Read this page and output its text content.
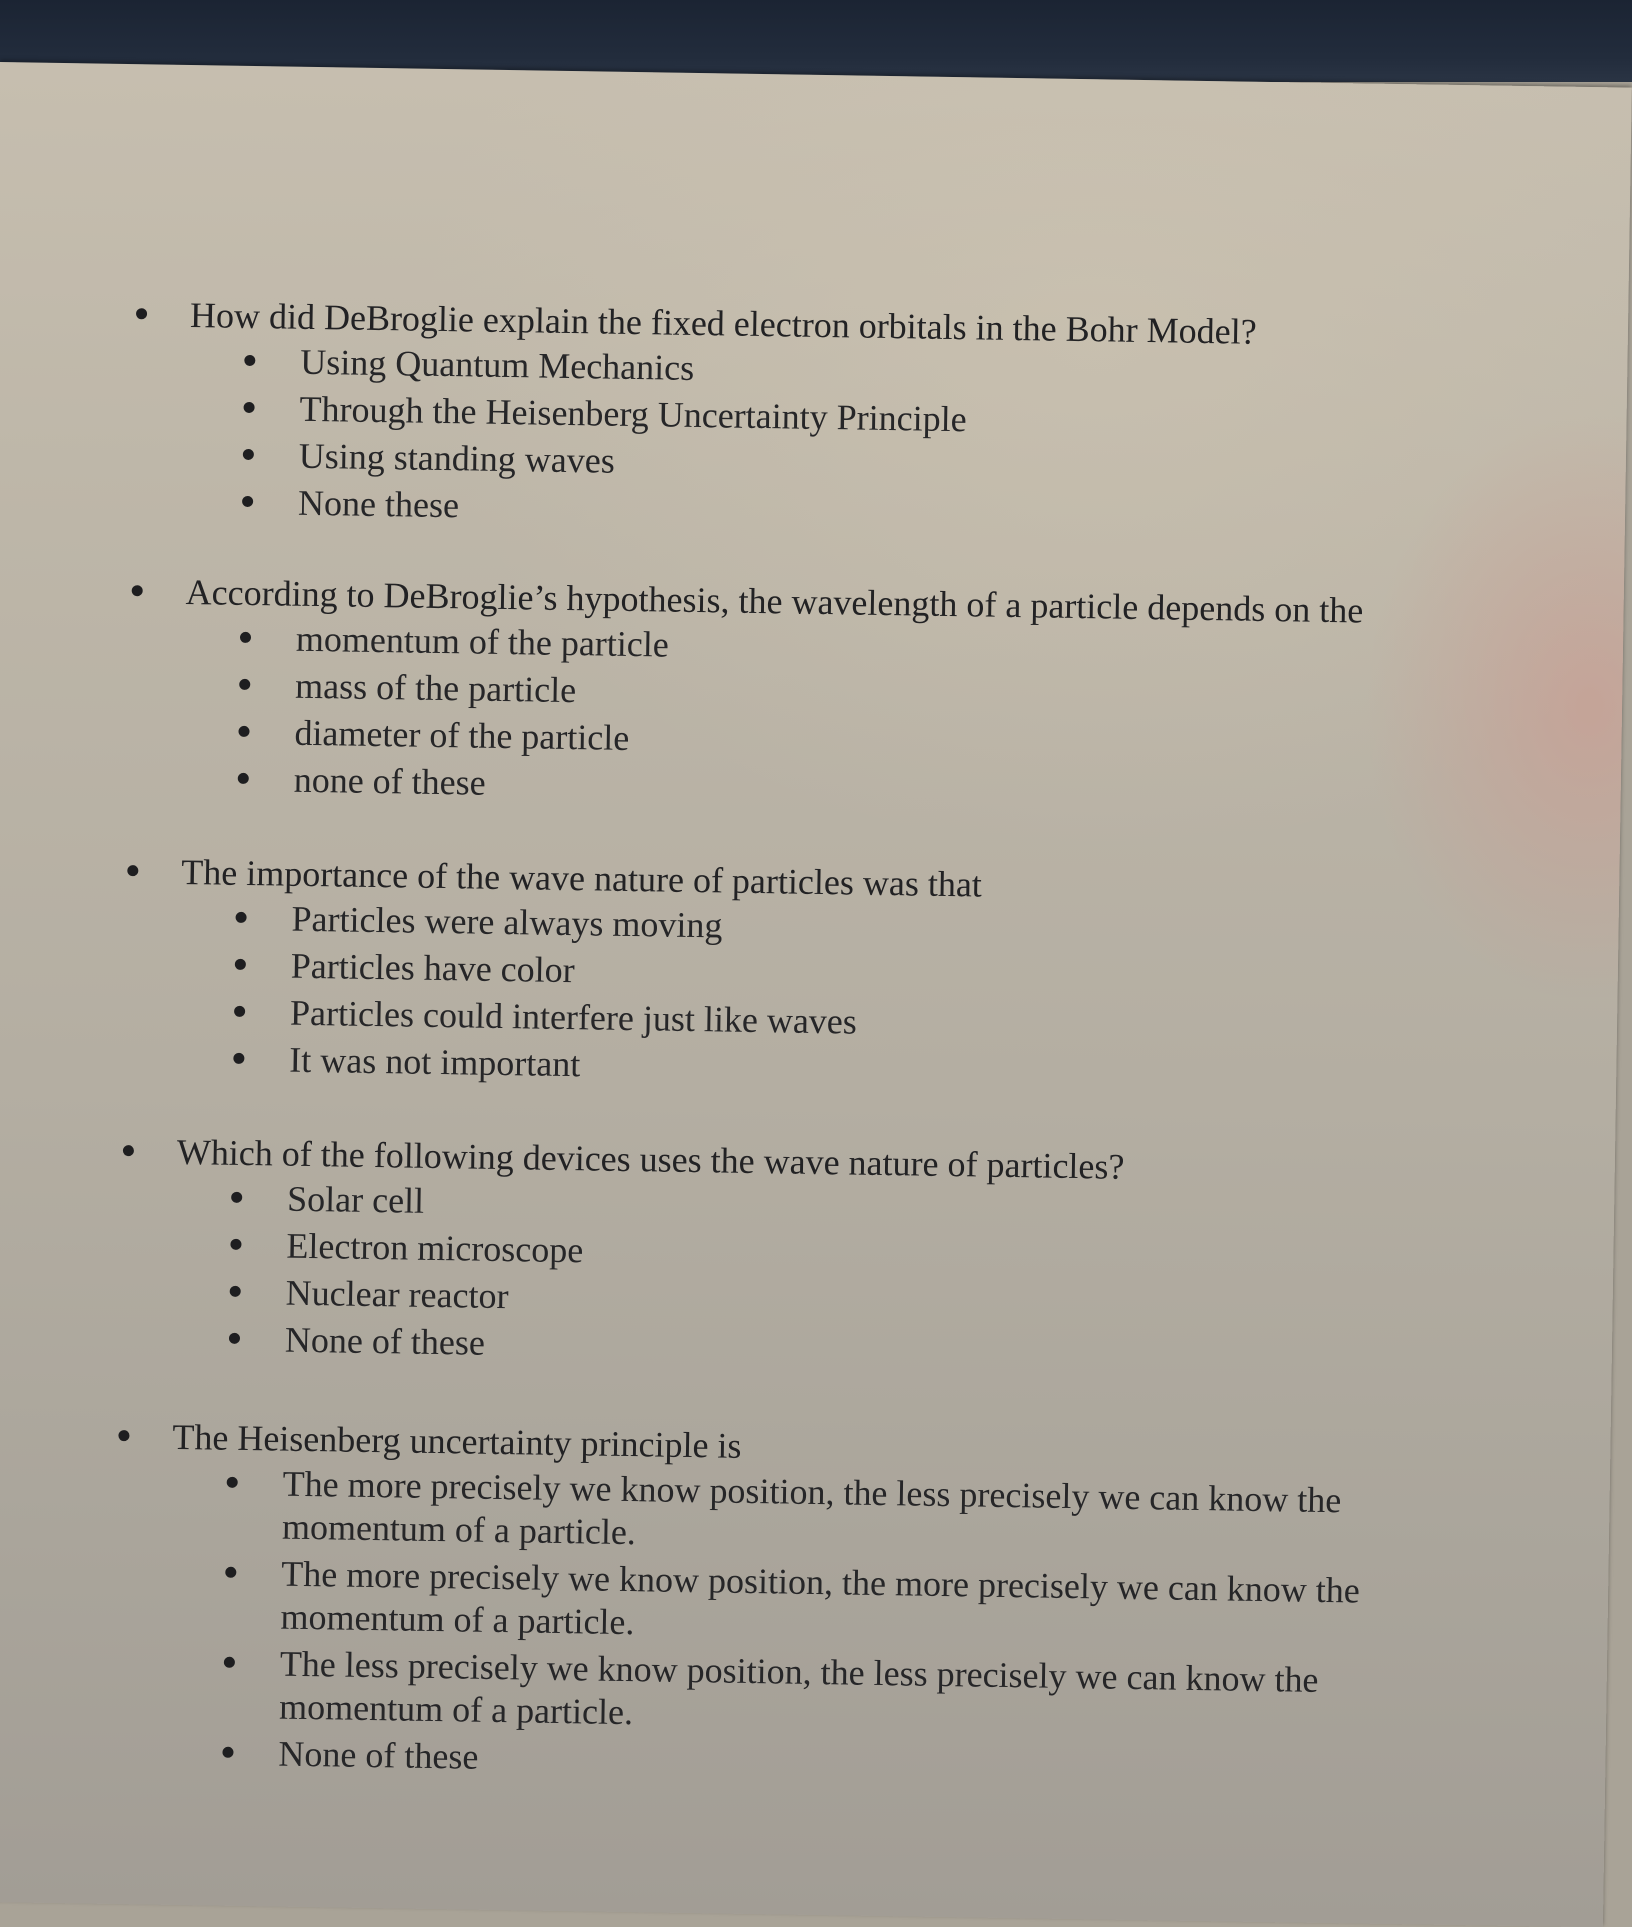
How did DeBroglie explain the fixed electron orbitals in the Bohr Model?
Using Quantum Mechanics
Through the Heisenberg Uncertainty Principle
Using standing waves
None these
According to DeBroglie’s hypothesis, the wavelength of a particle depends on the
momentum of the particle
mass of the particle
diameter of the particle
none of these
The importance of the wave nature of particles was that
Particles were always moving
Particles have color
Particles could interfere just like waves
It was not important
Which of the following devices uses the wave nature of particles?
Solar cell
Electron microscope
Nuclear reactor
None of these
The Heisenberg uncertainty principle is
The more precisely we know position, the less precisely we can know the momentum of a particle.
The more precisely we know position, the more precisely we can know the momentum of a particle.
The less precisely we know position, the less precisely we can know the momentum of a particle.
None of these
